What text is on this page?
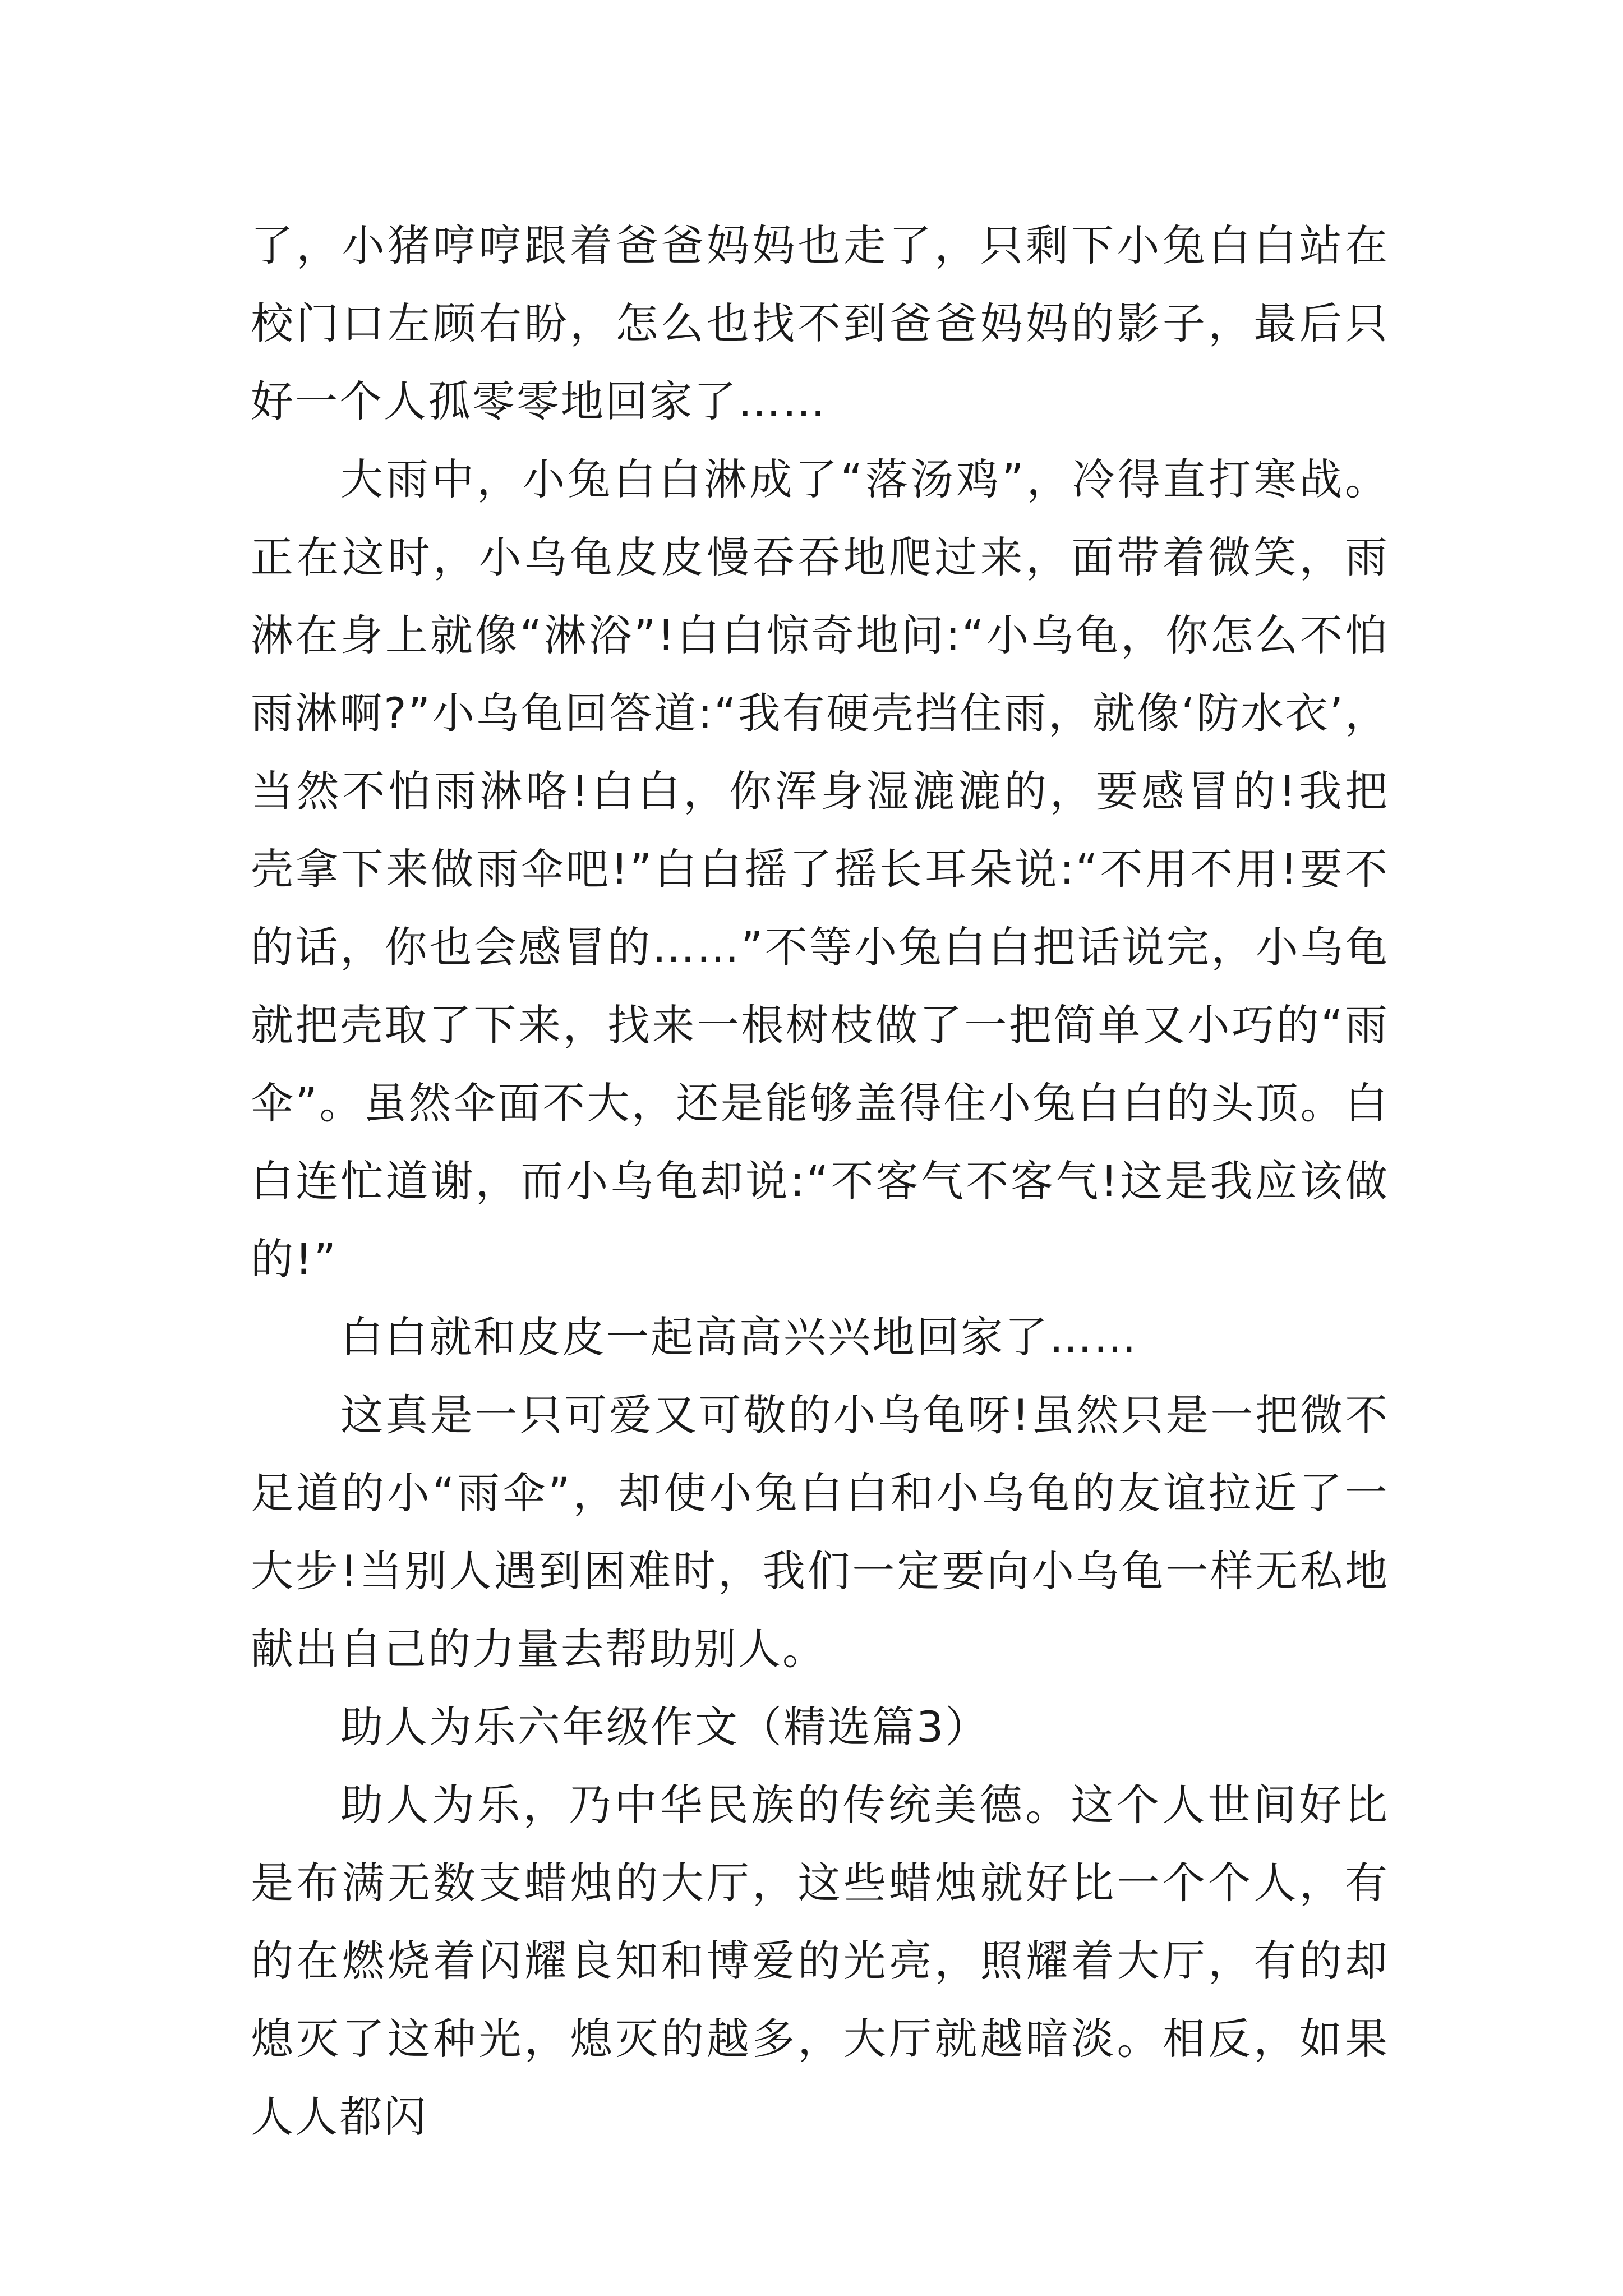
了，小猪哼哼跟着爸爸妈妈也走了，只剩下小兔白白站在校门口左顾右盼，怎么也找不到爸爸妈妈的影子，最后只好一个人孤零零地回家了……

大雨中，小兔白白淋成了“落汤鸡”，冷得直打寒战。正在这时，小乌龟皮皮慢吞吞地爬过来，面带着微笑，雨淋在身上就像“淋浴”!白白惊奇地问:“小乌龟，你怎么不怕雨淋啊?”小乌龟回答道:“我有硬壳挡住雨，就像‘防水衣’，当然不怕雨淋咯!白白，你浑身湿漉漉的，要感冒的!我把壳拿下来做雨伞吧!”白白摇了摇长耳朵说:“不用不用!要不的话，你也会感冒的……”不等小兔白白把话说完，小乌龟就把壳取了下来，找来一根树枝做了一把简单又小巧的“雨伞”。虽然伞面不大，还是能够盖得住小兔白白的头顶。白白连忙道谢，而小乌龟却说:“不客气不客气!这是我应该做的!”

白白就和皮皮一起高高兴兴地回家了……

这真是一只可爱又可敬的小乌龟呀!虽然只是一把微不足道的小“雨伞”，却使小兔白白和小乌龟的友谊拉近了一大步!当别人遇到困难时，我们一定要向小乌龟一样无私地献出自己的力量去帮助别人。

助人为乐六年级作文（精选篇3）

助人为乐，乃中华民族的传统美德。这个人世间好比是布满无数支蜡烛的大厅，这些蜡烛就好比一个个人，有的在燃烧着闪耀良知和博爱的光亮，照耀着大厅，有的却熄灭了这种光，熄灭的越多，大厅就越暗淡。相反，如果人人都闪
